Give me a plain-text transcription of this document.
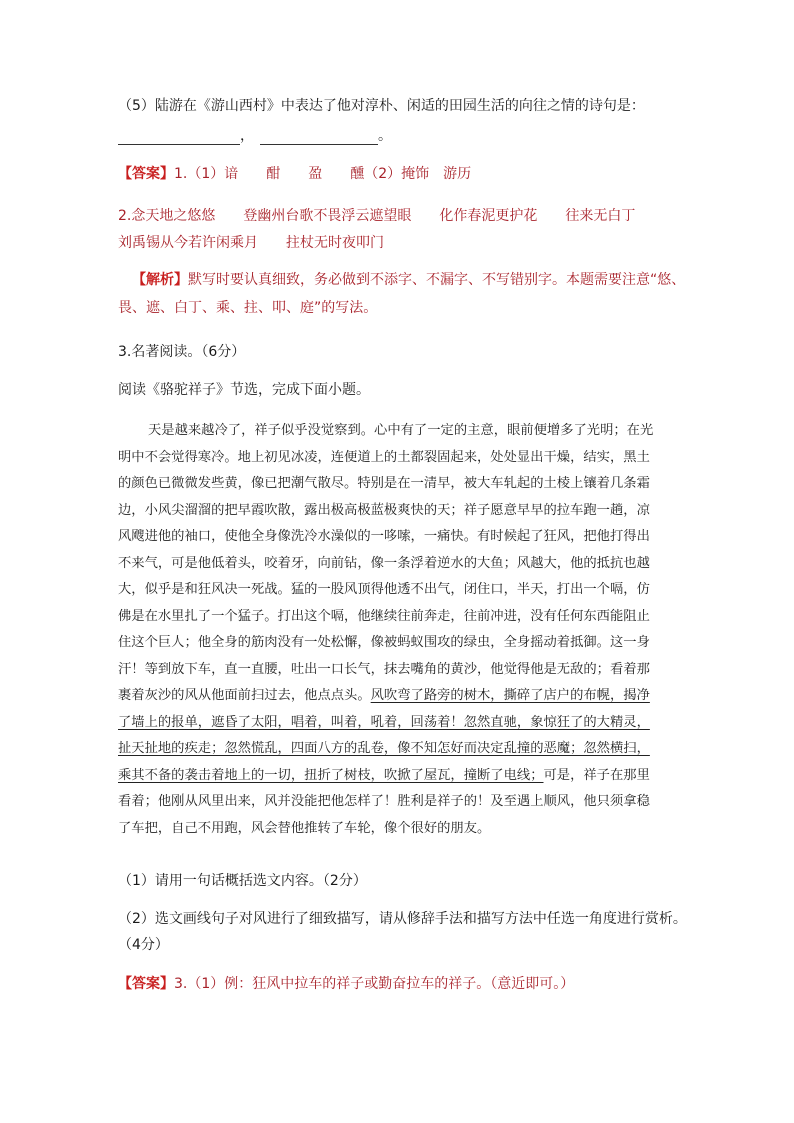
（5）陆游在《游山西村》中表达了他对淳朴、闲适的田园生活的向往之情的诗句是：
，	。
【答案】1.（1）谙　　酣　　盈　　醺（2）掩饰　游历
2.念天地之悠悠　　登幽州台歌不畏浮云遮望眼　　化作春泥更护花　　往来无白丁
刘禹锡从今若许闲乘月　　拄杖无时夜叩门
【解析】默写时要认真细致，务必做到不添字、不漏字、不写错别字。本题需要注意“悠、
畏、遮、白丁、乘、拄、叩、庭”的写法。
3.名著阅读。（6分）
阅读《骆驼祥子》节选，完成下面小题。
天是越来越冷了，祥子似乎没觉察到。心中有了一定的主意，眼前便增多了光明；在光
明中不会觉得寒冷。地上初见冰凌，连便道上的土都裂固起来，处处显出干燥，结实，黑土
的颜色已微微发些黄，像已把潮气散尽。特别是在一清早，被大车轧起的土棱上镶着几条霜
边，小风尖溜溜的把早霞吹散，露出极高极蓝极爽快的天；祥子愿意早早的拉车跑一趟，凉
风飕进他的袖口，使他全身像洗冷水澡似的一哆嗦，一痛快。有时候起了狂风，把他打得出
不来气，可是他低着头，咬着牙，向前钻，像一条浮着逆水的大鱼；风越大，他的抵抗也越
大，似乎是和狂风决一死战。猛的一股风顶得他透不出气，闭住口，半天，打出一个嗝，仿
佛是在水里扎了一个猛子。打出这个嗝，他继续往前奔走，往前冲进，没有任何东西能阻止
住这个巨人；他全身的筋肉没有一处松懈，像被蚂蚁围攻的绿虫，全身摇动着抵御。这一身
汗！等到放下车，直一直腰，吐出一口长气，抹去嘴角的黄沙，他觉得他是无敌的；看着那
裹着灰沙的风从他面前扫过去，他点点头。风吹弯了路旁的树木，撕碎了店户的布幌，揭净
了墙上的报单，遮昏了太阳，唱着，叫着，吼着，回荡着！忽然直驰，象惊狂了的大精灵，
扯天扯地的疾走；忽然慌乱，四面八方的乱卷，像不知怎好而决定乱撞的恶魔；忽然横扫，
乘其不备的袭击着地上的一切，扭折了树枝，吹掀了屋瓦，撞断了电线；可是，祥子在那里
看着；他刚从风里出来，风并没能把他怎样了！胜利是祥子的！及至遇上顺风，他只须拿稳
了车把，自己不用跑，风会替他推转了车轮，像个很好的朋友。
（1）请用一句话概括选文内容。（2分）
（2）选文画线句子对风进行了细致描写，请从修辞手法和描写方法中任选一角度进行赏析。
（4分）
【答案】3.（1）例：狂风中拉车的祥子或勤奋拉车的祥子。（意近即可。）
